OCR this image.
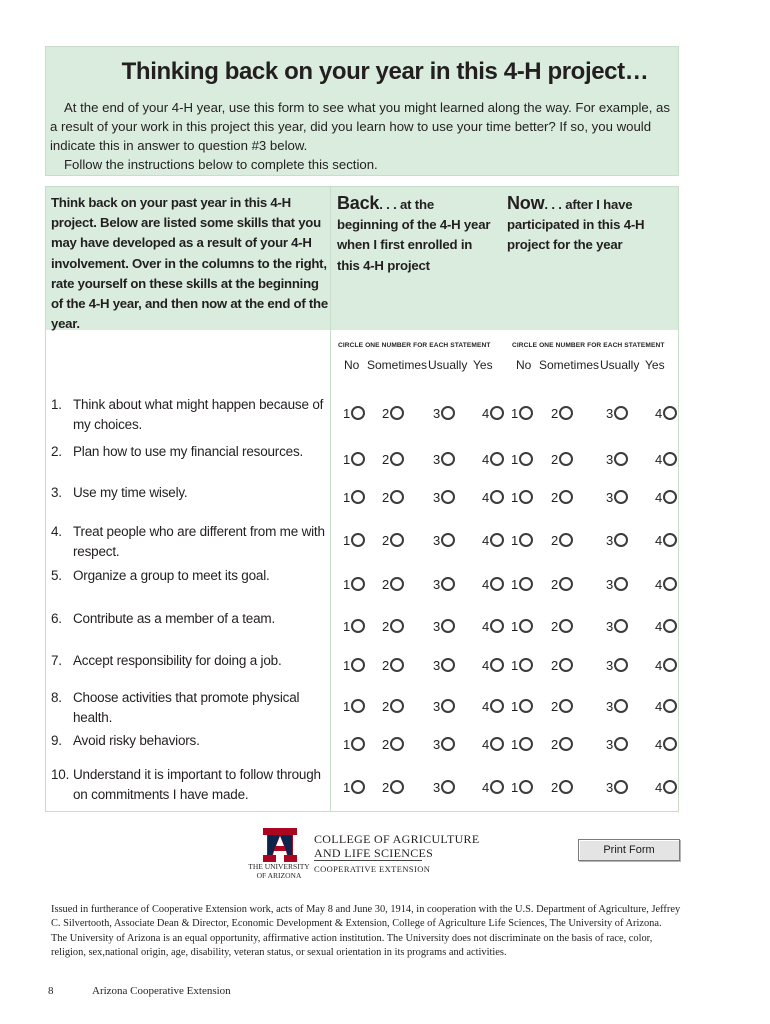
Thinking back on your year in this 4-H project…

At the end of your 4-H year, use this form to see what you might learned along the way. For example, as a result of your work in this project this year, did you learn how to use your time better? If so, you would indicate this in answer to question #3 below.

Follow the instructions below to complete this section.

Think back on your past year in this 4-H project. Below are listed some skills that you may have developed as a result of your 4-H involvement. Over in the columns to the right, rate yourself on these skills at the beginning of the 4-H year, and then now at the end of the year.
Back. . . at the beginning of the 4-H year when I first enrolled in this 4-H project
Now. . . after I have participated in this 4-H project for the year
CIRCLE ONE NUMBER FOR EACH STATEMENT	CIRCLE ONE NUMBER FOR EACH STATEMENT
No Sometimes Usually Yes No Sometimes Usually Yes
1. Think about what might happen because of my choices.
1	2	3	4	1	2	3	4
2. Plan how to use my financial resources.
1	2	3	4	1	2	3	4
3. Use my time wisely.	1	2	3	4	1	2	3	4
4. Treat people who are different from me with respect.
1	2	3	4	1	2	3	4
5. Organize a group to meet its goal.
1	2	3	4	1	2	3	4
6. Contribute as a member of a team.
1	2	3	4	1	2	3	4
7. Accept responsibility for doing a job.	1	2	3	4	1	2	3	4
8. Choose activities that promote physical health.
1	2	3	4	1	2	3	4
9. Avoid risky behaviors.	1	2	3	4	1	2	3	4
10. Understand it is important to follow through on commitments I have made.	1	2	3	4	1	2	3	4
THE UNIVERSITY
OF ARIZONA
COLLEGE OF AGRICULTURE
AND LIFE SCIENCES
COOPERATIVE EXTENSION
Print Form

Issued in furtherance of Cooperative Extension work, acts of May 8 and June 30, 1914, in cooperation with the U.S. Department of Agriculture, Jeffrey C. Silvertooth, Associate Dean & Director, Economic Development & Extension, College of Agriculture Life Sciences, The University of Arizona.

The University of Arizona is an equal opportunity, affirmative action institution. The University does not discriminate on the basis of race, color, religion, sex,national origin, age, disability, veteran status, or sexual orientation in its programs and activities.

8	Arizona Cooperative Extension
